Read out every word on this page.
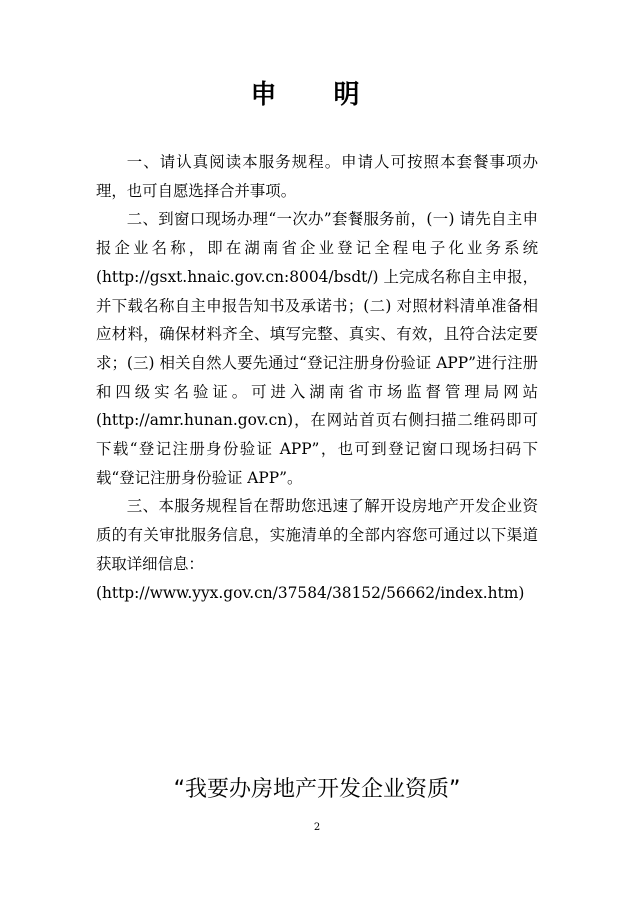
申 明

一、请认真阅读本服务规程。申请人可按照本套餐事项办理，也可自愿选择合并事项。

二、到窗口现场办理“一次办”套餐服务前，(一) 请先自主申报企业名称，即在湖南省企业登记全程电子化业务系统 (http://gsxt.hnaic.gov.cn:8004/bsdt/) 上完成名称自主申报，并下载名称自主申报告知书及承诺书；(二) 对照材料清单准备相应材料，确保材料齐全、填写完整、真实、有效，且符合法定要求；(三) 相关自然人要先通过“登记注册身份验证 APP”进行注册和四级实名验证。可进入湖南省市场监督管理局网站 (http://amr.hunan.gov.cn)，在网站首页右侧扫描二维码即可下载“登记注册身份验证 APP”，也可到登记窗口现场扫码下载“登记注册身份验证 APP”。

三、本服务规程旨在帮助您迅速了解开设房地产开发企业资质的有关审批服务信息，实施清单的全部内容您可通过以下渠道获取详细信息：

(http://www.yyx.gov.cn/37584/38152/56662/index.htm)

“我要办房地产开发企业资质”
2
